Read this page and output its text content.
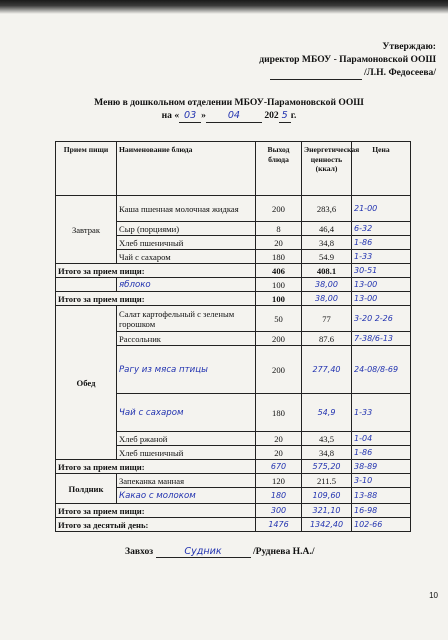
Утверждаю:
директор МБОУ - Парамоновской ООШ
/Л.Н. Федосеева/
Меню в дошкольном отделении МБОУ-Парамоновской ООШ
на « 03 » 04	202 5 г.
Прием пищи	Наименование блюда	Выход блюда	Энергетическая ценность (ккал)	Цена
Завтрак	Каша пшенная молочная жидкая	200	283,6	21-00
	Сыр (порциями)	8	46,4	6-32
	Хлеб пшеничный	20	34,8	1-86
	Чай с сахаром	180	54.9	1-33
Итого за прием пищи:		406	408.1	30-51
	яблоко	100	38,00	13-00
Итого за прием пищи:		100	38,00	13-00
Обед	Салат картофельный с зеленым горошком	50	77	3-20 2-26
	Рассольник	200	87.6	7-38/6-13
	Рагу из мяса птицы	200	277,40	24-08/8-69
	Чай с сахаром	180	54,9	1-33
	Хлеб ржаной	20	43,5	1-04
	Хлеб пшеничный	20	34,8	1-86
Итого за прием пищи:		670	575,20	38-89
Полдник	Запеканка манная	120	211.5	3-10
	Какао с молоком	180	109,60	13-88
Итого за прием пищи:		300	321,10	16-98
Итого за десятый день:		1476	1342,40	102-66
Завхоз	Судник	/Руднева Н.А./
10
